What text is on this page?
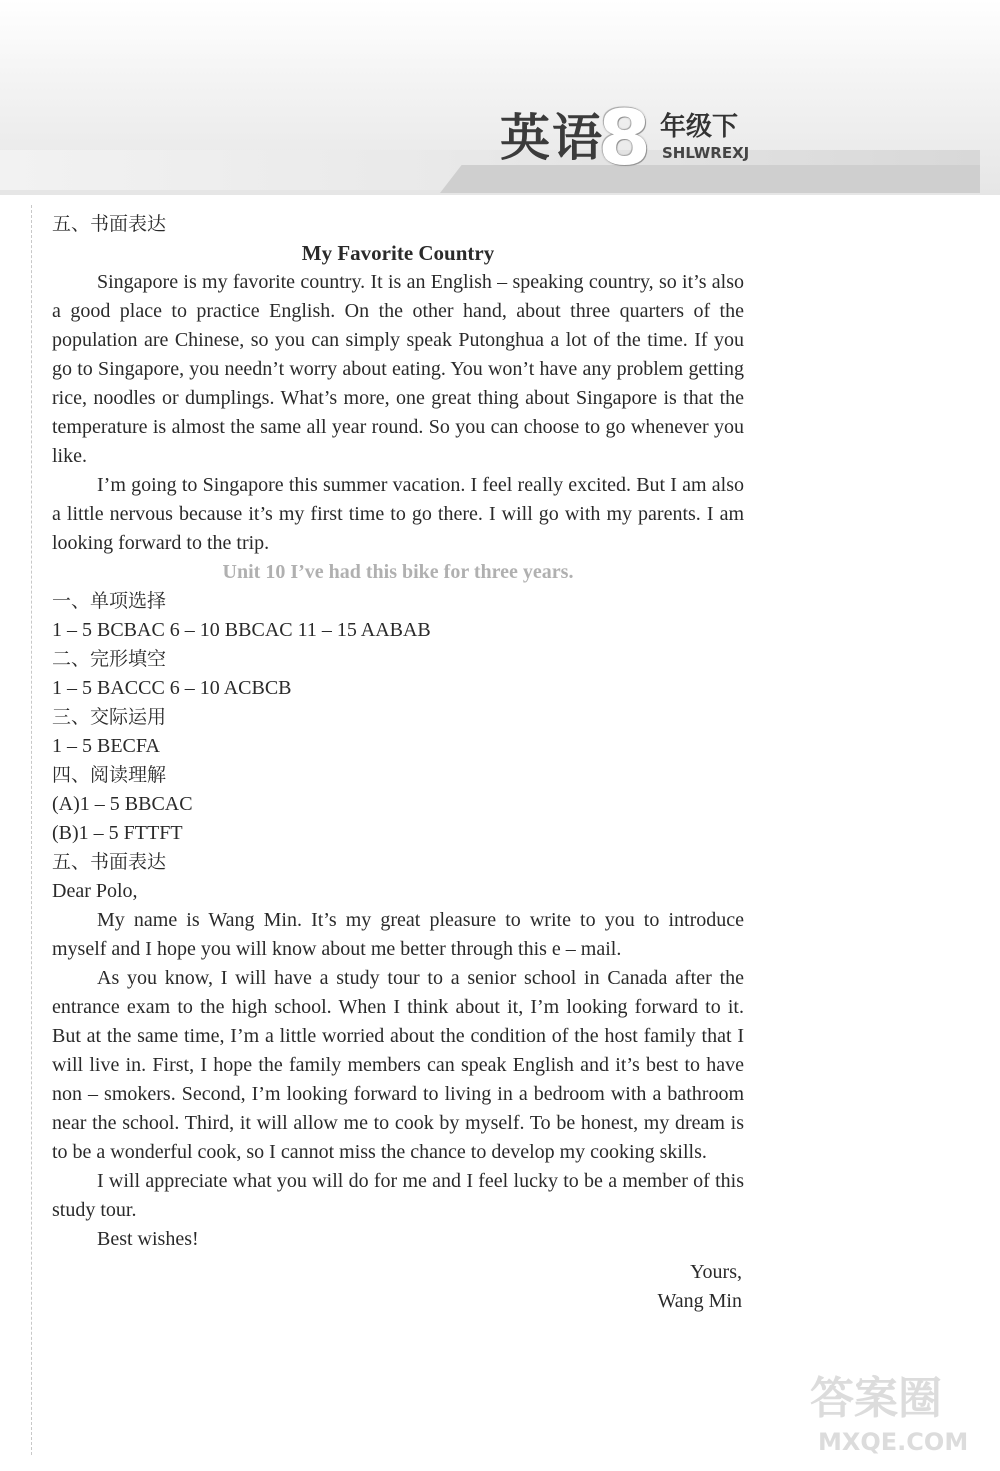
英语
8 年级下
SHLWREXJ
五、书面表达
My Favorite Country

Singapore is my favorite country. It is an English – speaking country, so it’s also a good place to practice English. On the other hand, about three quarters of the population are Chinese, so you can simply speak Putonghua a lot of the time. If you go to Singapore, you needn’t worry about eating. You won’t have any problem getting rice, noodles or dumplings. What’s more, one great thing about Singapore is that the temperature is almost the same all year round. So you can choose to go whenever you like.

I’m going to Singapore this summer vacation. I feel really excited. But I am also a little nervous because it’s my first time to go there. I will go with my parents. I am looking forward to the trip.

Unit 10 I’ve had this bike for three years.
一、单项选择
1 – 5 BCBAC 6 – 10 BBCAC 11 – 15 AABAB
二、完形填空
1 – 5 BACCC 6 – 10 ACBCB
三、交际运用
1 – 5 BECFA
四、阅读理解
(A)1 – 5 BBCAC
(B)1 – 5 FTTFT
五、书面表达
Dear Polo,

My name is Wang Min. It’s my great pleasure to write to you to introduce myself and I hope you will know about me better through this e – mail.

As you know, I will have a study tour to a senior school in Canada after the entrance exam to the high school. When I think about it, I’m looking forward to it. But at the same time, I’m a little worried about the condition of the host family that I will live in. First, I hope the family members can speak English and it’s best to have non – smokers. Second, I’m looking forward to living in a bedroom with a bathroom near the school. Third, it will allow me to cook by myself. To be honest, my dream is to be a wonderful cook, so I cannot miss the chance to develop my cooking skills.

I will appreciate what you will do for me and I feel lucky to be a member of this study tour.

Best wishes!

Yours,
Wang Min
答案圈
MXQE.COM
